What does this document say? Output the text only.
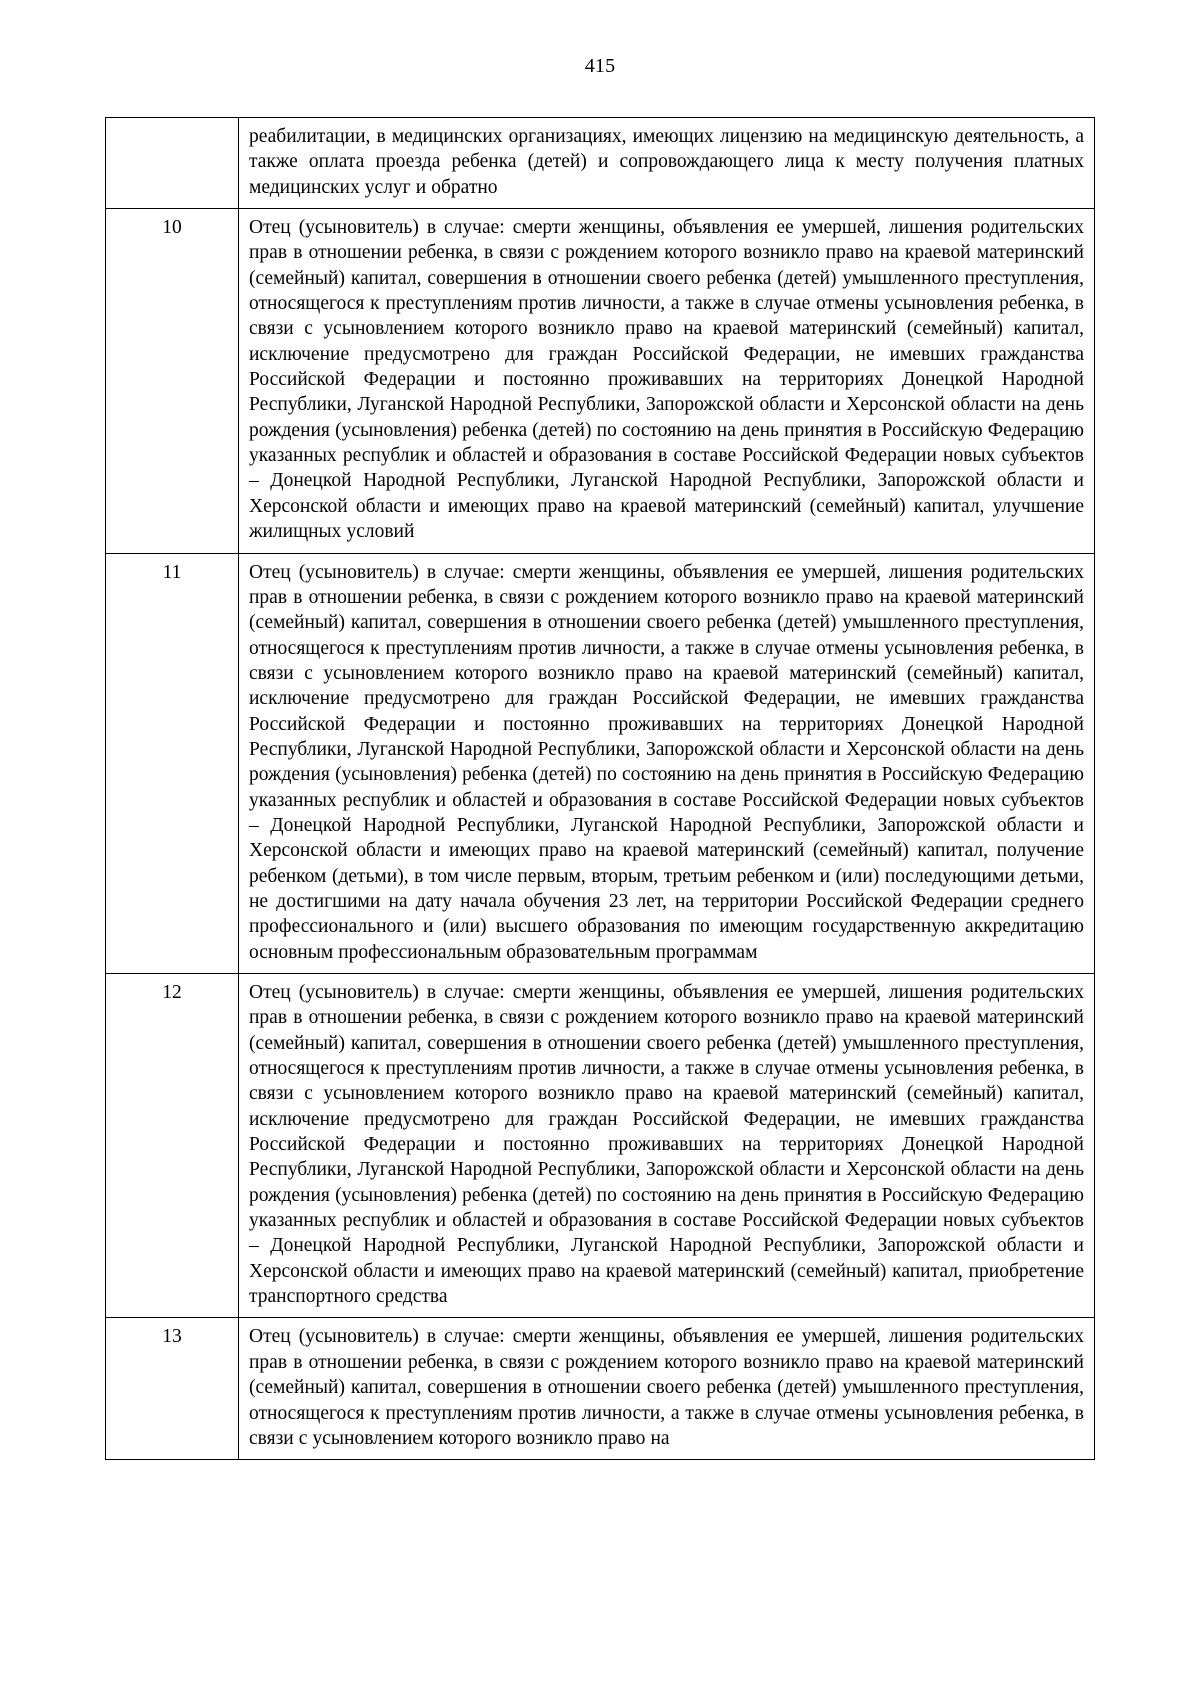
415
	реабилитации, в медицинских организациях, имеющих лицензию на медицинскую деятельность, а также оплата проезда ребенка (детей) и сопровождающего лица к месту получения платных медицинских услуг и обратно
10	Отец (усыновитель) в случае: смерти женщины, объявления ее умершей, лишения родительских прав в отношении ребенка, в связи с рождением которого возникло право на краевой материнский (семейный) капитал, совершения в отношении своего ребенка (детей) умышленного преступления, относящегося к преступлениям против личности, а также в случае отмены усыновления ребенка, в связи с усыновлением которого возникло право на краевой материнский (семейный) капитал, исключение предусмотрено для граждан Российской Федерации, не имевших гражданства Российской Федерации и постоянно проживавших на территориях Донецкой Народной Республики, Луганской Народной Республики, Запорожской области и Херсонской области на день рождения (усыновления) ребенка (детей) по состоянию на день принятия в Российскую Федерацию указанных республик и областей и образования в составе Российской Федерации новых субъектов – Донецкой Народной Республики, Луганской Народной Республики, Запорожской области и Херсонской области и имеющих право на краевой материнский (семейный) капитал, улучшение жилищных условий
11	Отец (усыновитель) в случае: смерти женщины, объявления ее умершей, лишения родительских прав в отношении ребенка, в связи с рождением которого возникло право на краевой материнский (семейный) капитал, совершения в отношении своего ребенка (детей) умышленного преступления, относящегося к преступлениям против личности, а также в случае отмены усыновления ребенка, в связи с усыновлением которого возникло право на краевой материнский (семейный) капитал, исключение предусмотрено для граждан Российской Федерации, не имевших гражданства Российской Федерации и постоянно проживавших на территориях Донецкой Народной Республики, Луганской Народной Республики, Запорожской области и Херсонской области на день рождения (усыновления) ребенка (детей) по состоянию на день принятия в Российскую Федерацию указанных республик и областей и образования в составе Российской Федерации новых субъектов – Донецкой Народной Республики, Луганской Народной Республики, Запорожской области и Херсонской области и имеющих право на краевой материнский (семейный) капитал, получение ребенком (детьми), в том числе первым, вторым, третьим ребенком и (или) последующими детьми, не достигшими на дату начала обучения 23 лет, на территории Российской Федерации среднего профессионального и (или) высшего образования по имеющим государственную аккредитацию основным профессиональным образовательным программам
12	Отец (усыновитель) в случае: смерти женщины, объявления ее умершей, лишения родительских прав в отношении ребенка, в связи с рождением которого возникло право на краевой материнский (семейный) капитал, совершения в отношении своего ребенка (детей) умышленного преступления, относящегося к преступлениям против личности, а также в случае отмены усыновления ребенка, в связи с усыновлением которого возникло право на краевой материнский (семейный) капитал, исключение предусмотрено для граждан Российской Федерации, не имевших гражданства Российской Федерации и постоянно проживавших на территориях Донецкой Народной Республики, Луганской Народной Республики, Запорожской области и Херсонской области на день рождения (усыновления) ребенка (детей) по состоянию на день принятия в Российскую Федерацию указанных республик и областей и образования в составе Российской Федерации новых субъектов – Донецкой Народной Республики, Луганской Народной Республики, Запорожской области и Херсонской области и имеющих право на краевой материнский (семейный) капитал, приобретение транспортного средства
13	Отец (усыновитель) в случае: смерти женщины, объявления ее умершей, лишения родительских прав в отношении ребенка, в связи с рождением которого возникло право на краевой материнский (семейный) капитал, совершения в отношении своего ребенка (детей) умышленного преступления, относящегося к преступлениям против личности, а также в случае отмены усыновления ребенка, в связи с усыновлением которого возникло право на
